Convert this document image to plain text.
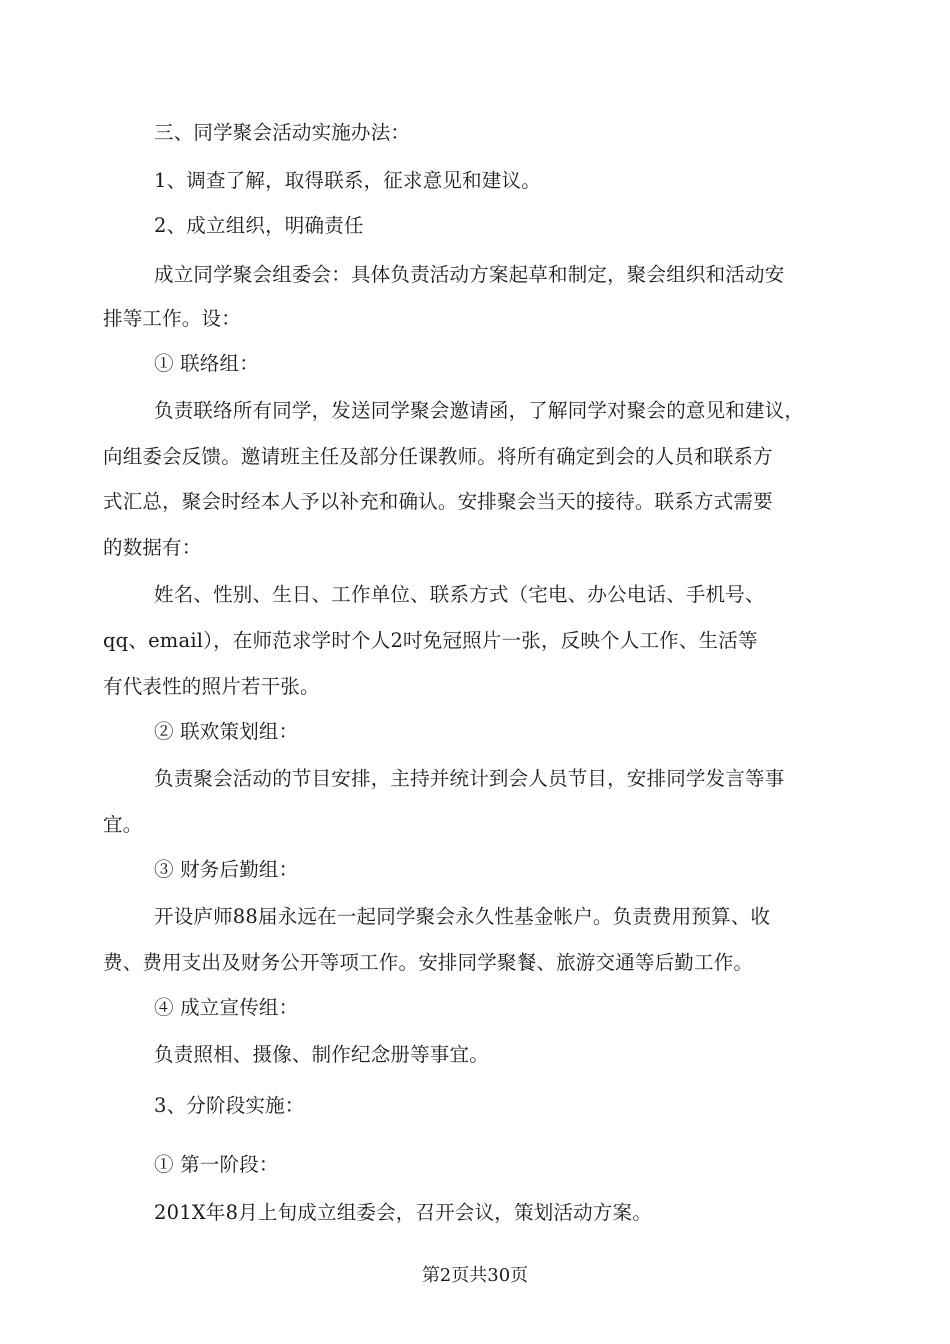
三、同学聚会活动实施办法：
1、调查了解，取得联系，征求意见和建议。
2、成立组织，明确责任
成立同学聚会组委会：具体负责活动方案起草和制定，聚会组织和活动安
排等工作。设：
① 联络组：
负责联络所有同学，发送同学聚会邀请函，了解同学对聚会的意见和建议，
向组委会反馈。邀请班主任及部分任课教师。将所有确定到会的人员和联系方
式汇总，聚会时经本人予以补充和确认。安排聚会当天的接待。联系方式需要
的数据有：
姓名、性别、生日、工作单位、联系方式（宅电、办公电话、手机号、
qq、email），在师范求学时个人2吋免冠照片一张，反映个人工作、生活等
有代表性的照片若干张。
② 联欢策划组：
负责聚会活动的节目安排，主持并统计到会人员节目，安排同学发言等事
宜。
③ 财务后勤组：
开设庐师88届永远在一起同学聚会永久性基金帐户。负责费用预算、收
费、费用支出及财务公开等项工作。安排同学聚餐、旅游交通等后勤工作。
④ 成立宣传组：
负责照相、摄像、制作纪念册等事宜。
3、分阶段实施：
① 第一阶段：
201X年8月上旬成立组委会，召开会议，策划活动方案。
第2页共30页
